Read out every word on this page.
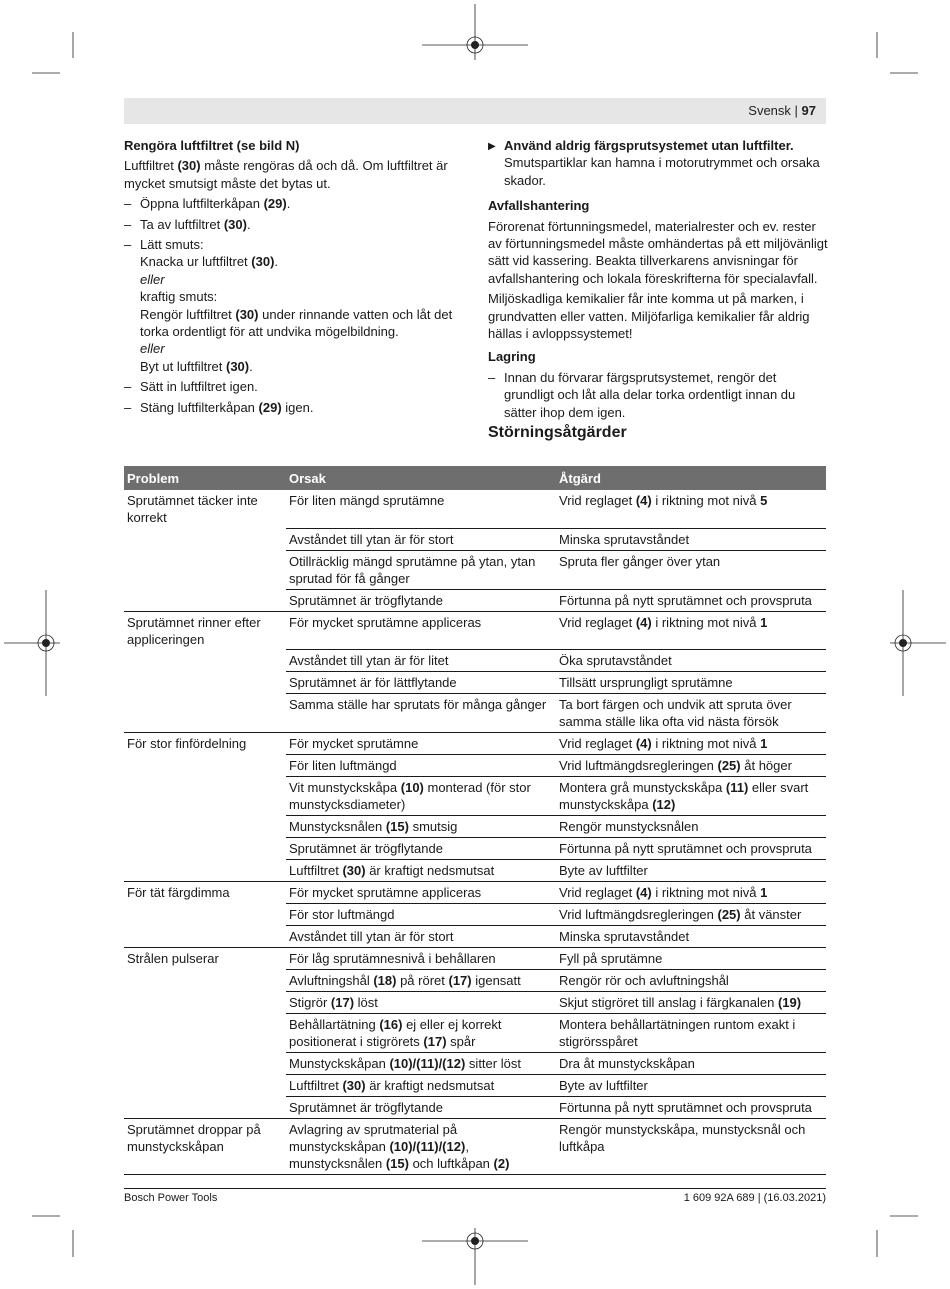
Svensk | 97

Rengöra luftfiltret (se bild N)

Luftfiltret (30) måste rengöras då och då. Om luftfiltret är mycket smutsigt måste det bytas ut.

– Öppna luftfilterkåpan (29).

– Ta av luftfiltret (30).

– Lätt smuts:
Knacka ur luftfiltret (30).
eller
kraftig smuts:
Rengör luftfiltret (30) under rinnande vatten och låt det torka ordentligt för att undvika mögelbildning.
eller
Byt ut luftfiltret (30).

– Sätt in luftfiltret igen.

– Stäng luftfilterkåpan (29) igen.

▶ Använd aldrig färgsprutsystemet utan luftfilter.
Smutspartiklar kan hamna i motorutrymmet och orsaka skador.

Avfallshantering

Förorenat förtunningsmedel, materialrester och ev. rester av förtunningsmedel måste omhändertas på ett miljövänligt sätt vid kassering. Beakta tillverkarens anvisningar för avfallshantering och lokala föreskrifterna för specialavfall.

Miljöskadliga kemikalier får inte komma ut på marken, i grundvatten eller vatten. Miljöfarliga kemikalier får aldrig hällas i avloppssystemet!

Lagring

– Innan du förvarar färgsprutsystemet, rengör det grundligt och låt alla delar torka ordentligt innan du sätter ihop dem igen.

Störningsåtgärder

Problem	Orsak	Åtgärd
Sprutämnet täcker inte korrekt	För liten mängd sprutämne	Vrid reglaget (4) i riktning mot nivå 5
	Avståndet till ytan är för stort	Minska sprutavståndet
	Otillräcklig mängd sprutämne på ytan, ytan sprutad för få gånger	Spruta fler gånger över ytan
	Sprutämnet är trögflytande	Förtunna på nytt sprutämnet och provspruta
Sprutämnet rinner efter appliceringen	För mycket sprutämne appliceras	Vrid reglaget (4) i riktning mot nivå 1
	Avståndet till ytan är för litet	Öka sprutavståndet
	Sprutämnet är för lättflytande	Tillsätt ursprungligt sprutämne
	Samma ställe har sprutats för många gånger	Ta bort färgen och undvik att spruta över samma ställe lika ofta vid nästa försök
För stor finfördelning	För mycket sprutämne	Vrid reglaget (4) i riktning mot nivå 1
	För liten luftmängd	Vrid luftmängdsregleringen (25) åt höger
	Vit munstyckskåpa (10) monterad (för stor munstycksdiameter)	Montera grå munstyckskåpa (11) eller svart munstyckskåpa (12)
	Munstycksnålen (15) smutsig	Rengör munstycksnålen
	Sprutämnet är trögflytande	Förtunna på nytt sprutämnet och provspruta
	Luftfiltret (30) är kraftigt nedsmutsat	Byte av luftfilter
För tät färgdimma	För mycket sprutämne appliceras	Vrid reglaget (4) i riktning mot nivå 1
	För stor luftmängd	Vrid luftmängdsregleringen (25) åt vänster
	Avståndet till ytan är för stort	Minska sprutavståndet
Strålen pulserar	För låg sprutämnesnivå i behållaren	Fyll på sprutämne
	Avluftningshål (18) på röret (17) igensatt	Rengör rör och avluftningshål
	Stigrör (17) löst	Skjut stigröret till anslag i färgkanalen (19)
	Behållartätning (16) ej eller ej korrekt positionerat i stigrörets (17) spår	Montera behållartätningen runtom exakt i stigrörsspåret
	Munstyckskåpan (10)/(11)/(12) sitter löst	Dra åt munstyckskåpan
	Luftfiltret (30) är kraftigt nedsmutsat	Byte av luftfilter
	Sprutämnet är trögflytande	Förtunna på nytt sprutämnet och provspruta
Sprutämnet droppar på munstyckskåpan	Avlagring av sprutmaterial på munstyckskåpan (10)/(11)/(12), munstycksnålen (15) och luftkåpan (2)	Rengör munstyckskåpa, munstycksnål och luftkåpa
Bosch Power Tools	1 609 92A 689 | (16.03.2021)
